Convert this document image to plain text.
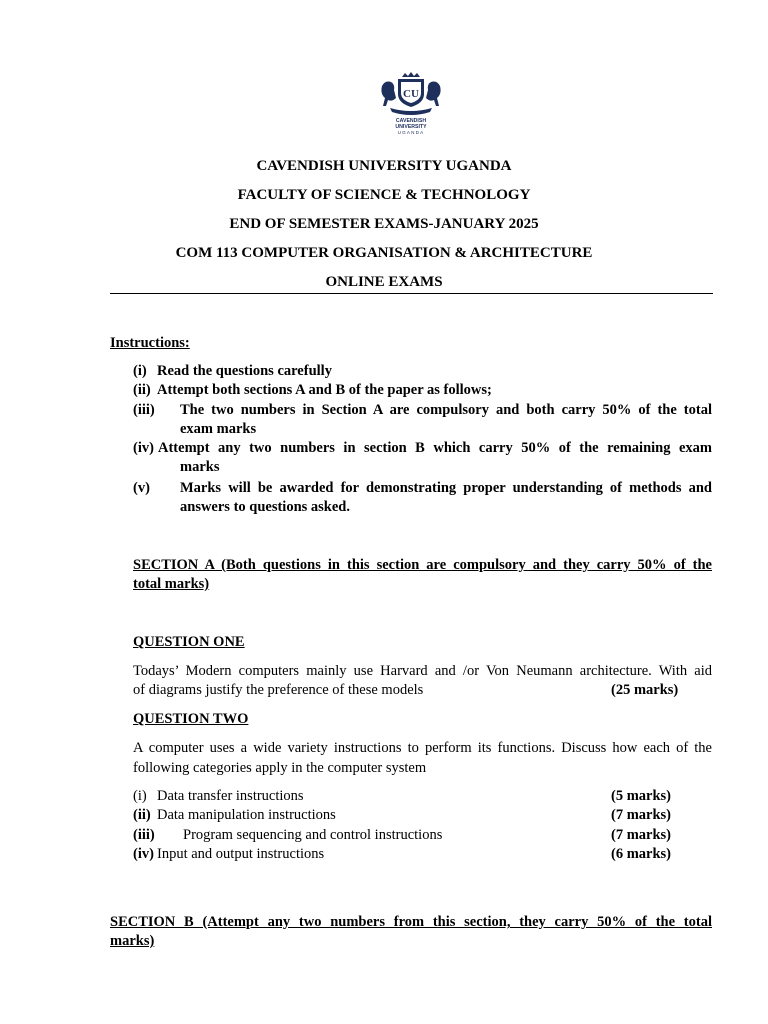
CU
CAVENDISH
UNIVERSITY
UGANDA
CAVENDISH UNIVERSITY UGANDA
FACULTY OF SCIENCE & TECHNOLOGY
END OF SEMESTER EXAMS-JANUARY 2025
COM 113 COMPUTER ORGANISATION & ARCHITECTURE
ONLINE EXAMS
Instructions:
(i) Read the questions carefully
(ii) Attempt both sections A and B of the paper as follows;
(iii) The two numbers in Section A are compulsory and both carry 50% of the total
exam marks
(iv) Attempt any two numbers in section B which carry 50% of the remaining exam
marks
(v) Marks will be awarded for demonstrating proper understanding of methods and
answers to questions asked.
SECTION A (Both questions in this section are compulsory and they carry 50% of the
total marks)
QUESTION ONE
Todays’ Modern computers mainly use Harvard and /or Von Neumann architecture. With aid
of diagrams justify the preference of these models	(25 marks)
QUESTION TWO
A computer uses a wide variety instructions to perform its functions. Discuss how each of the
following categories apply in the computer system
(i) Data transfer instructions	(5 marks)
(ii) Data manipulation instructions	(7 marks)
(iii) Program sequencing and control instructions	(7 marks)
(iv) Input and output instructions	(6 marks)
SECTION B (Attempt any two numbers from this section, they carry 50% of the total
marks)
